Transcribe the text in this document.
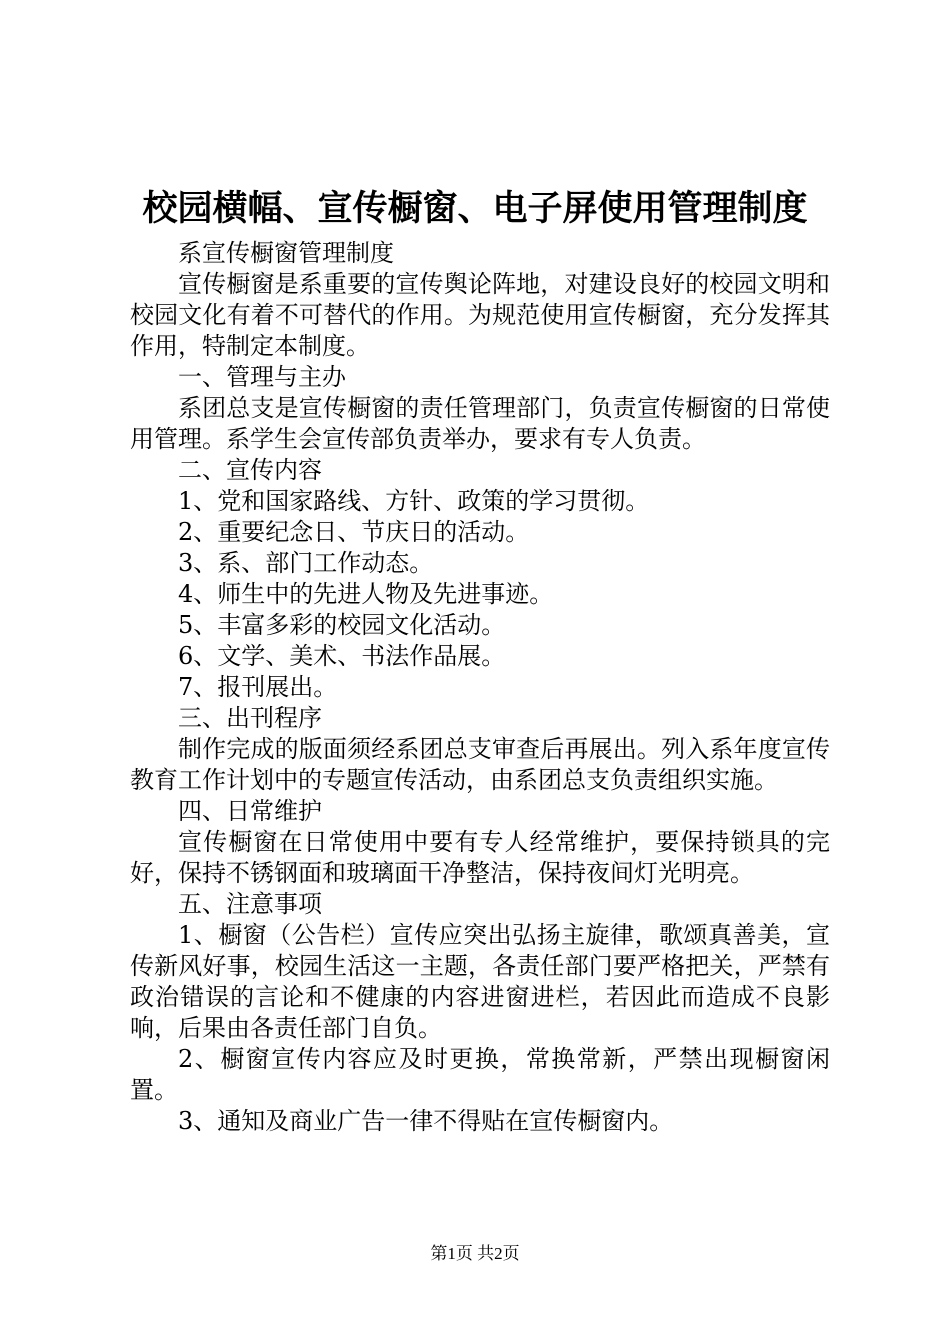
校园横幅、宣传橱窗、电子屏使用管理制度

系宣传橱窗管理制度

宣传橱窗是系重要的宣传舆论阵地，对建设良好的校园文明和校园文化有着不可替代的作用。为规范使用宣传橱窗，充分发挥其作用，特制定本制度。

一、管理与主办

系团总支是宣传橱窗的责任管理部门，负责宣传橱窗的日常使用管理。系学生会宣传部负责举办，要求有专人负责。

二、宣传内容

1、党和国家路线、方针、政策的学习贯彻。

2、重要纪念日、节庆日的活动。

3、系、部门工作动态。

4、师生中的先进人物及先进事迹。

5、丰富多彩的校园文化活动。

6、文学、美术、书法作品展。

7、报刊展出。

三、出刊程序

制作完成的版面须经系团总支审查后再展出。列入系年度宣传教育工作计划中的专题宣传活动，由系团总支负责组织实施。

四、日常维护

宣传橱窗在日常使用中要有专人经常维护，要保持锁具的完好，保持不锈钢面和玻璃面干净整洁，保持夜间灯光明亮。

五、注意事项

1、橱窗（公告栏）宣传应突出弘扬主旋律，歌颂真善美，宣传新风好事，校园生活这一主题，各责任部门要严格把关，严禁有政治错误的言论和不健康的内容进窗进栏，若因此而造成不良影响，后果由各责任部门自负。

2、橱窗宣传内容应及时更换，常换常新，严禁出现橱窗闲置。

3、通知及商业广告一律不得贴在宣传橱窗内。

第1页 共2页
